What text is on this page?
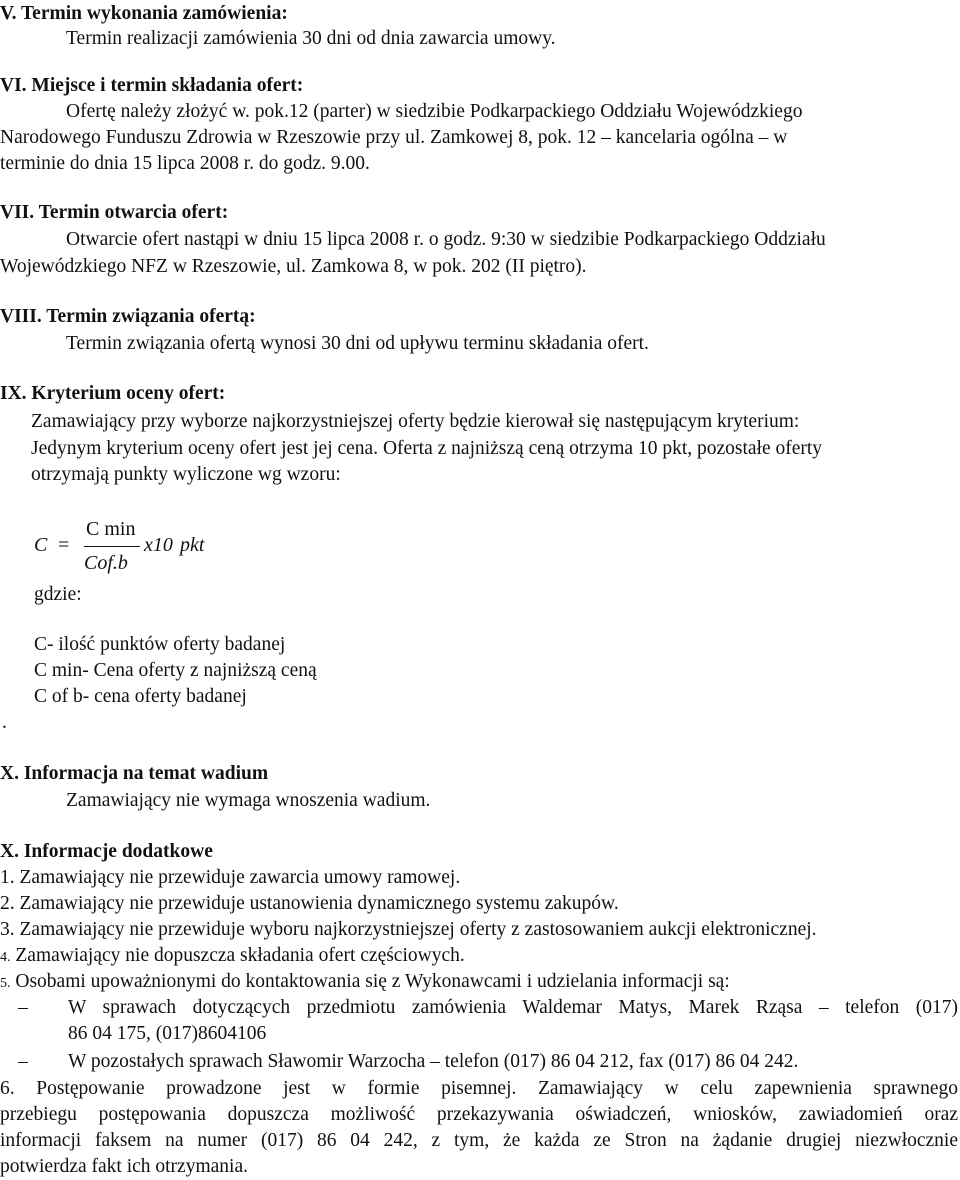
V. Termin wykonania zamówienia:
Termin realizacji zamówienia 30 dni od dnia zawarcia umowy.
VI. Miejsce i termin składania ofert:
Ofertę należy złożyć w. pok.12 (parter) w siedzibie Podkarpackiego Oddziału Wojewódzkiego
Narodowego Funduszu Zdrowia w Rzeszowie przy ul. Zamkowej 8, pok. 12 – kancelaria ogólna – w
terminie do dnia 15 lipca 2008 r. do godz. 9.00.
VII. Termin otwarcia ofert:
Otwarcie ofert nastąpi w dniu 15 lipca 2008 r. o godz. 9:30 w siedzibie Podkarpackiego Oddziału
Wojewódzkiego NFZ w Rzeszowie, ul. Zamkowa 8, w pok. 202 (II piętro).
VIII. Termin związania ofertą:
Termin związania ofertą wynosi 30 dni od upływu terminu składania ofert.
IX. Kryterium oceny ofert:
Zamawiający przy wyborze najkorzystniejszej oferty będzie kierował się następującym kryterium:
Jedynym kryterium oceny ofert jest jej cena. Oferta z najniższą ceną otrzyma 10 pkt, pozostałe oferty
otrzymają punkty wyliczone wg wzoru:
C =
C min
Cof.b
x10 pkt
gdzie:
C- ilość punktów oferty badanej
C min- Cena oferty z najniższą ceną
C of b- cena oferty badanej
.
X. Informacja na temat wadium
Zamawiający nie wymaga wnoszenia wadium.
X. Informacje dodatkowe
1. Zamawiający nie przewiduje zawarcia umowy ramowej.
2. Zamawiający nie przewiduje ustanowienia dynamicznego systemu zakupów.
3. Zamawiający nie przewiduje wyboru najkorzystniejszej oferty z zastosowaniem aukcji elektronicznej.
4. Zamawiający nie dopuszcza składania ofert częściowych.
5. Osobami upoważnionymi do kontaktowania się z Wykonawcami i udzielania informacji są:
– W sprawach dotyczących przedmiotu zamówienia Waldemar Matys, Marek Rząsa – telefon (017)
86 04 175, (017)8604106
– W pozostałych sprawach Sławomir Warzocha – telefon (017) 86 04 212, fax (017) 86 04 242.
6. Postępowanie prowadzone jest w formie pisemnej. Zamawiający w celu zapewnienia sprawnego
przebiegu postępowania dopuszcza możliwość przekazywania oświadczeń, wniosków, zawiadomień oraz
informacji faksem na numer (017) 86 04 242, z tym, że każda ze Stron na żądanie drugiej niezwłocznie
potwierdza fakt ich otrzymania.
